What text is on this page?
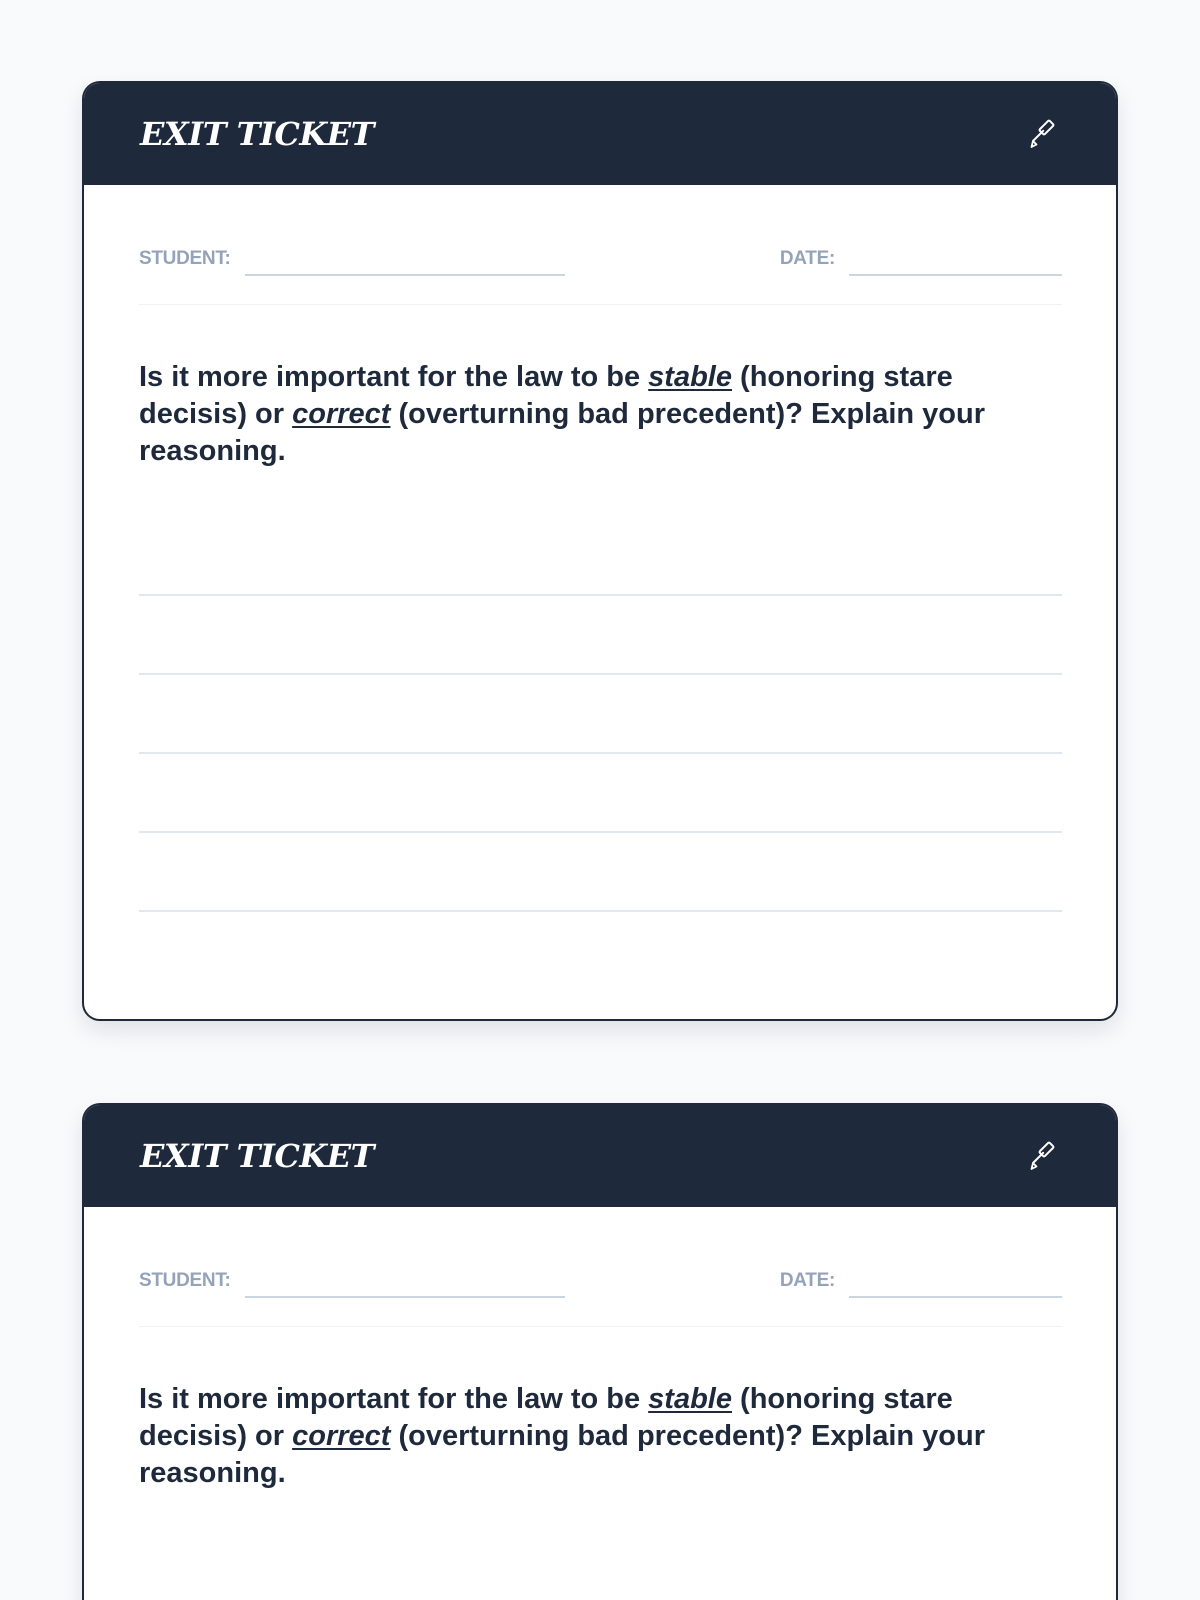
EXIT TICKET
STUDENT:	DATE:

Is it more important for the law to be stable (honoring stare decisis) or correct (overturning bad precedent)? Explain your reasoning.

EXIT TICKET
STUDENT:	DATE:

Is it more important for the law to be stable (honoring stare decisis) or correct (overturning bad precedent)? Explain your reasoning.
